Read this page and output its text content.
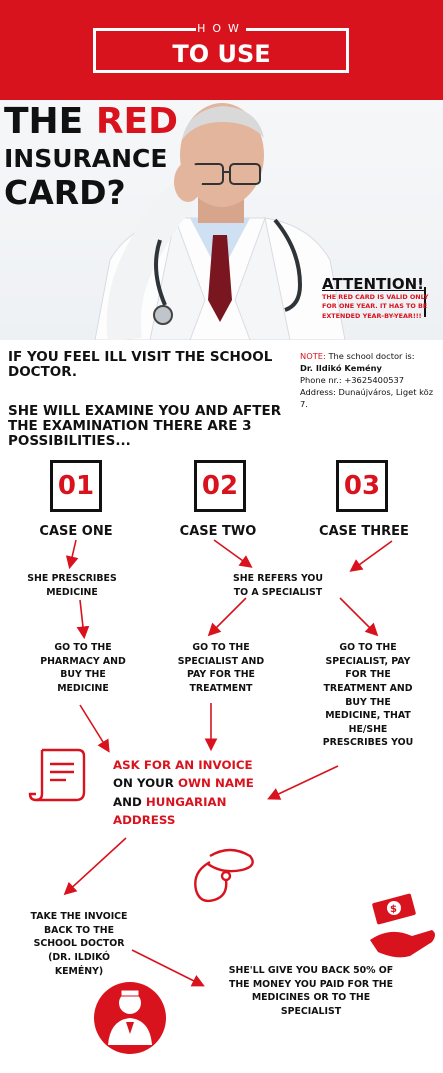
HOW
TO USE
THE RED
INSURANCE
CARD?
ATTENTION!
THE RED CARD IS VALID ONLY FOR ONE YEAR. IT HAS TO BE EXTENDED YEAR-BY-YEAR!!!
IF YOU FEEL ILL VISIT THE SCHOOL DOCTOR.
NOTE: The school doctor is:
Dr. Ildikó Kemény
Phone nr.: +3625400537
Address: Dunaújváros, Liget köz 7.
SHE WILL EXAMINE YOU AND AFTER THE EXAMINATION THERE ARE 3 POSSIBILITIES...
01	02	03
CASE ONE	CASE TWO	CASE THREE
SHE PRESCRIBES MEDICINE
SHE REFERS YOU TO A SPECIALIST
GO TO THE PHARMACY AND BUY THE MEDICINE
GO TO THE SPECIALIST AND PAY FOR THE TREATMENT
GO TO THE SPECIALIST, PAY FOR THE TREATMENT AND BUY THE MEDICINE, THAT HE/SHE PRESCRIBES YOU
ASK FOR AN INVOICE ON YOUR OWN NAME AND HUNGARIAN ADDRESS
TAKE THE INVOICE BACK TO THE SCHOOL DOCTOR (DR. ILDIKÓ KEMÉNY)	SHE'LL GIVE YOU BACK 50% OF THE MONEY YOU PAID FOR THE MEDICINES OR TO THE SPECIALIST
$
